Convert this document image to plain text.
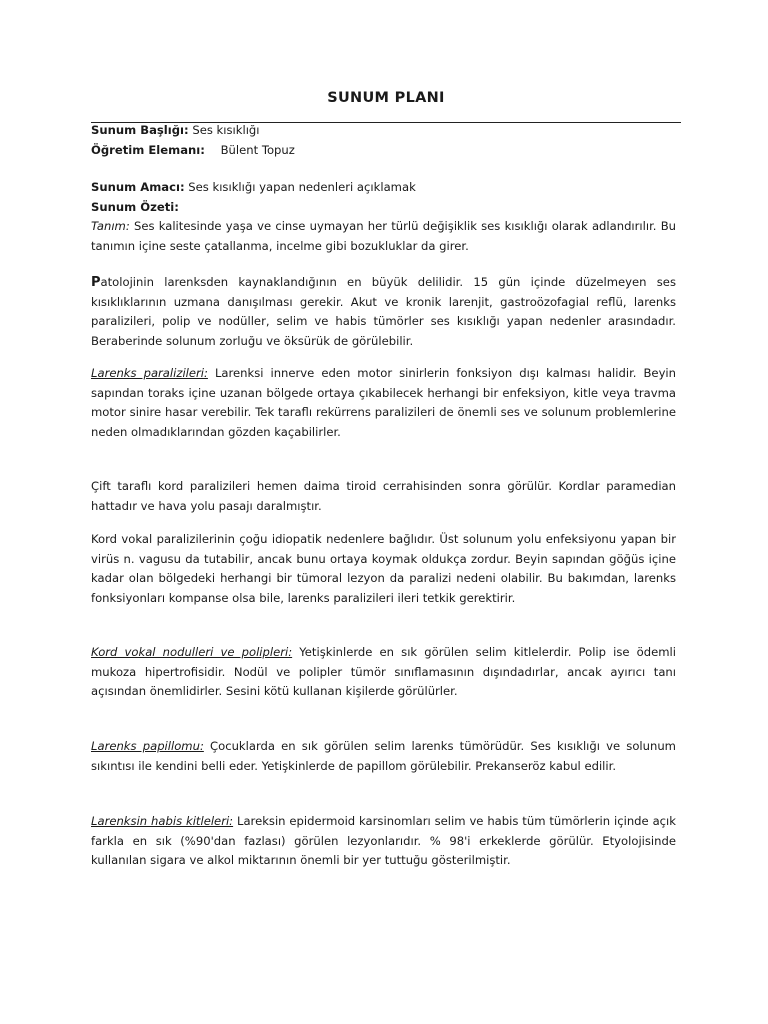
SUNUM PLANI

Sunum Başlığı: Ses kısıklığı

Öğretim Elemanı: Bülent Topuz

Sunum Amacı: Ses kısıklığı yapan nedenleri açıklamak

Sunum Özeti:

Tanım: Ses kalitesinde yaşa ve cinse uymayan her türlü değişiklik ses kısıklığı olarak adlandırılır. Bu tanımın içine seste çatallanma, incelme gibi bozukluklar da girer.

Patolojinin larenksden kaynaklandığının en büyük delilidir. 15 gün içinde düzelmeyen ses kısıklıklarının uzmana danışılması gerekir. Akut ve kronik larenjit, gastroözofagial reflü, larenks paralizileri, polip ve nodüller, selim ve habis tümörler ses kısıklığı yapan nedenler arasındadır. Beraberinde solunum zorluğu ve öksürük de görülebilir.

Larenks paralizileri: Larenksi innerve eden motor sinirlerin fonksiyon dışı kalması halidir. Beyin sapından toraks içine uzanan bölgede ortaya çıkabilecek herhangi bir enfeksiyon, kitle veya travma motor sinire hasar verebilir. Tek taraflı rekürrens paralizileri de önemli ses ve solunum problemlerine neden olmadıklarından gözden kaçabilirler.

Çift taraflı kord paralizileri hemen daima tiroid cerrahisinden sonra görülür. Kordlar paramedian hattadır ve hava yolu pasajı daralmıştır.

Kord vokal paralizilerinin çoğu idiopatik nedenlere bağlıdır. Üst solunum yolu enfeksiyonu yapan bir virüs n. vagusu da tutabilir, ancak bunu ortaya koymak oldukça zordur. Beyin sapından göğüs içine kadar olan bölgedeki herhangi bir tümoral lezyon da paralizi nedeni olabilir. Bu bakımdan, larenks fonksiyonları kompanse olsa bile, larenks paralizileri ileri tetkik gerektirir.

Kord vokal nodulleri ve polipleri: Yetişkinlerde en sık görülen selim kitlelerdir. Polip ise ödemli mukoza hipertrofisidir. Nodül ve polipler tümör sınıflamasının dışındadırlar, ancak ayırıcı tanı açısından önemlidirler. Sesini kötü kullanan kişilerde görülürler.

Larenks papillomu: Çocuklarda en sık görülen selim larenks tümörüdür. Ses kısıklığı ve solunum sıkıntısı ile kendini belli eder. Yetişkinlerde de papillom görülebilir. Prekanseröz kabul edilir.

Larenksin habis kitleleri: Lareksin epidermoid karsinomları selim ve habis tüm tümörlerin içinde açık farkla en sık (%90'dan fazlası) görülen lezyonlarıdır. % 98'i erkeklerde görülür. Etyolojisinde kullanılan sigara ve alkol miktarının önemli bir yer tuttuğu gösterilmiştir.
